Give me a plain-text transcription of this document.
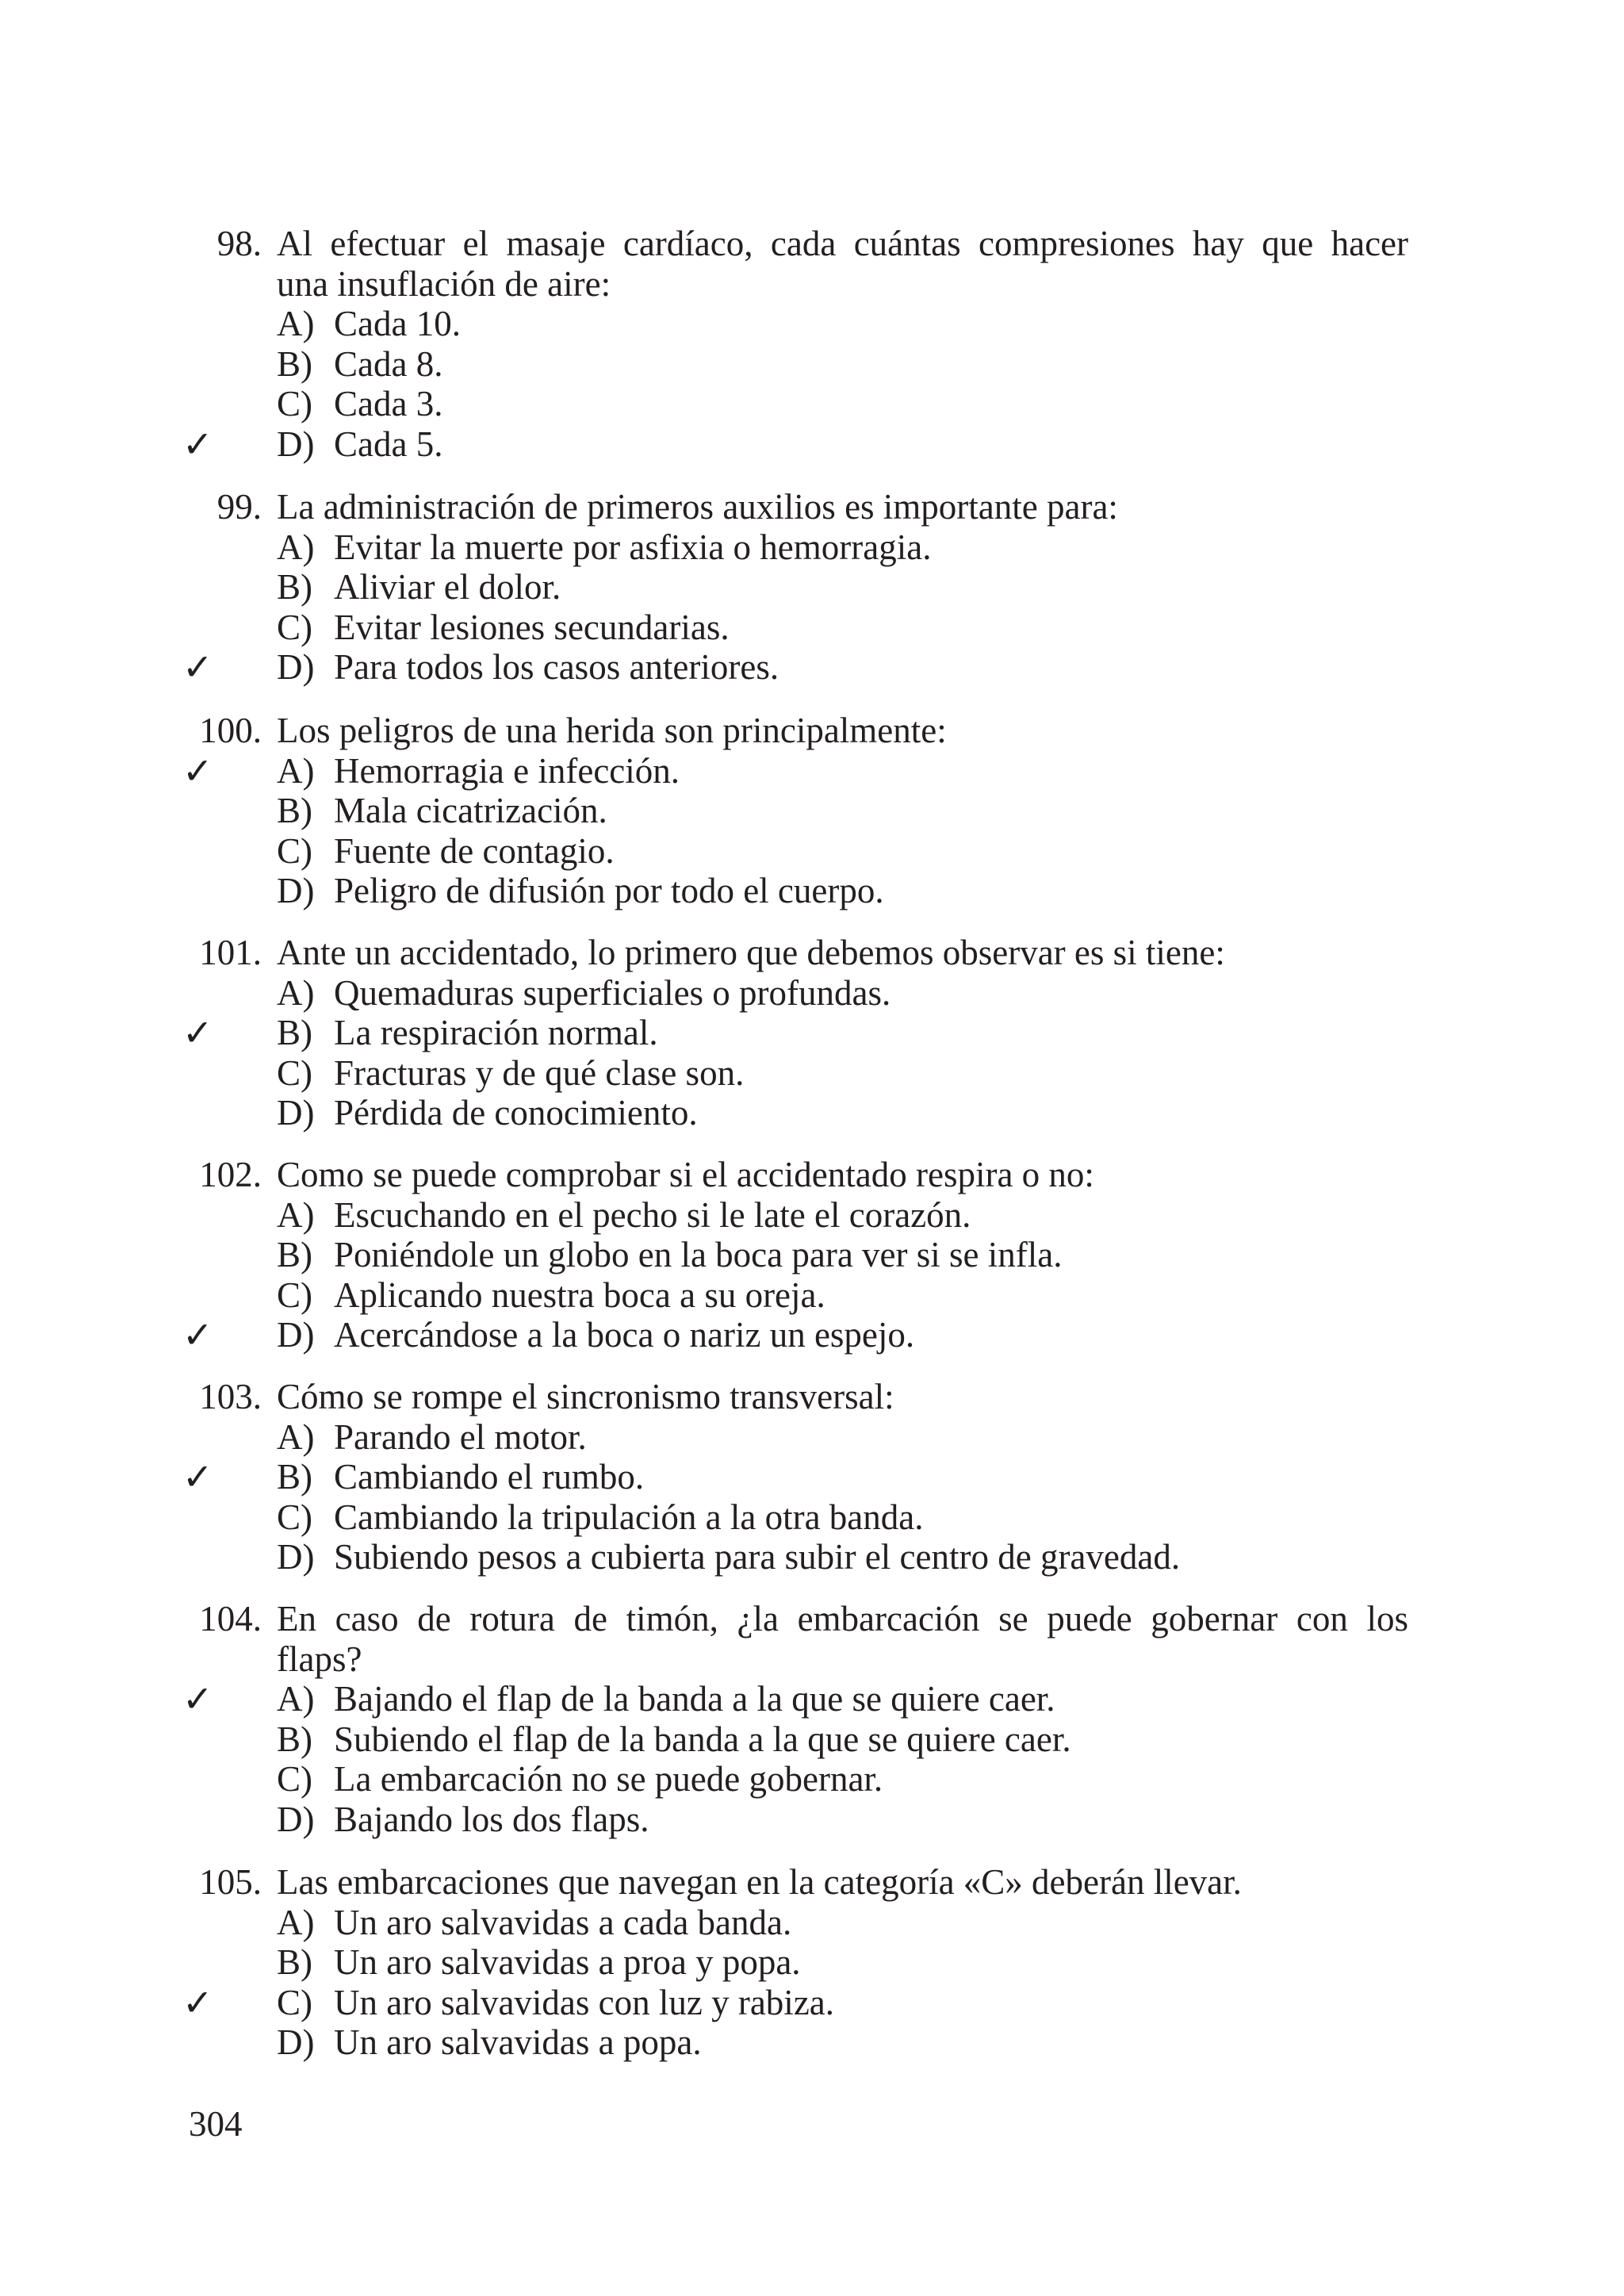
98. Al efectuar el masaje cardíaco, cada cuántas compresiones hay que hacer
una insuflación de aire:
A) Cada 10.
B) Cada 8.
C) Cada 3.
✓ D) Cada 5.
99. La administración de primeros auxilios es importante para:
A) Evitar la muerte por asfixia o hemorragia.
B) Aliviar el dolor.
C) Evitar lesiones secundarias.
✓ D) Para todos los casos anteriores.
100. Los peligros de una herida son principalmente:
✓ A) Hemorragia e infección.
B) Mala cicatrización.
C) Fuente de contagio.
D) Peligro de difusión por todo el cuerpo.
101. Ante un accidentado, lo primero que debemos observar es si tiene:
A) Quemaduras superficiales o profundas.
✓ B) La respiración normal.
C) Fracturas y de qué clase son.
D) Pérdida de conocimiento.
102. Como se puede comprobar si el accidentado respira o no:
A) Escuchando en el pecho si le late el corazón.
B) Poniéndole un globo en la boca para ver si se infla.
C) Aplicando nuestra boca a su oreja.
✓ D) Acercándose a la boca o nariz un espejo.
103. Cómo se rompe el sincronismo transversal:
A) Parando el motor.
✓ B) Cambiando el rumbo.
C) Cambiando la tripulación a la otra banda.
D) Subiendo pesos a cubierta para subir el centro de gravedad.
104. En caso de rotura de timón, ¿la embarcación se puede gobernar con los
flaps?
✓ A) Bajando el flap de la banda a la que se quiere caer.
B) Subiendo el flap de la banda a la que se quiere caer.
C) La embarcación no se puede gobernar.
D) Bajando los dos flaps.
105. Las embarcaciones que navegan en la categoría «C» deberán llevar.
A) Un aro salvavidas a cada banda.
B) Un aro salvavidas a proa y popa.
✓ C) Un aro salvavidas con luz y rabiza.
D) Un aro salvavidas a popa.
304
